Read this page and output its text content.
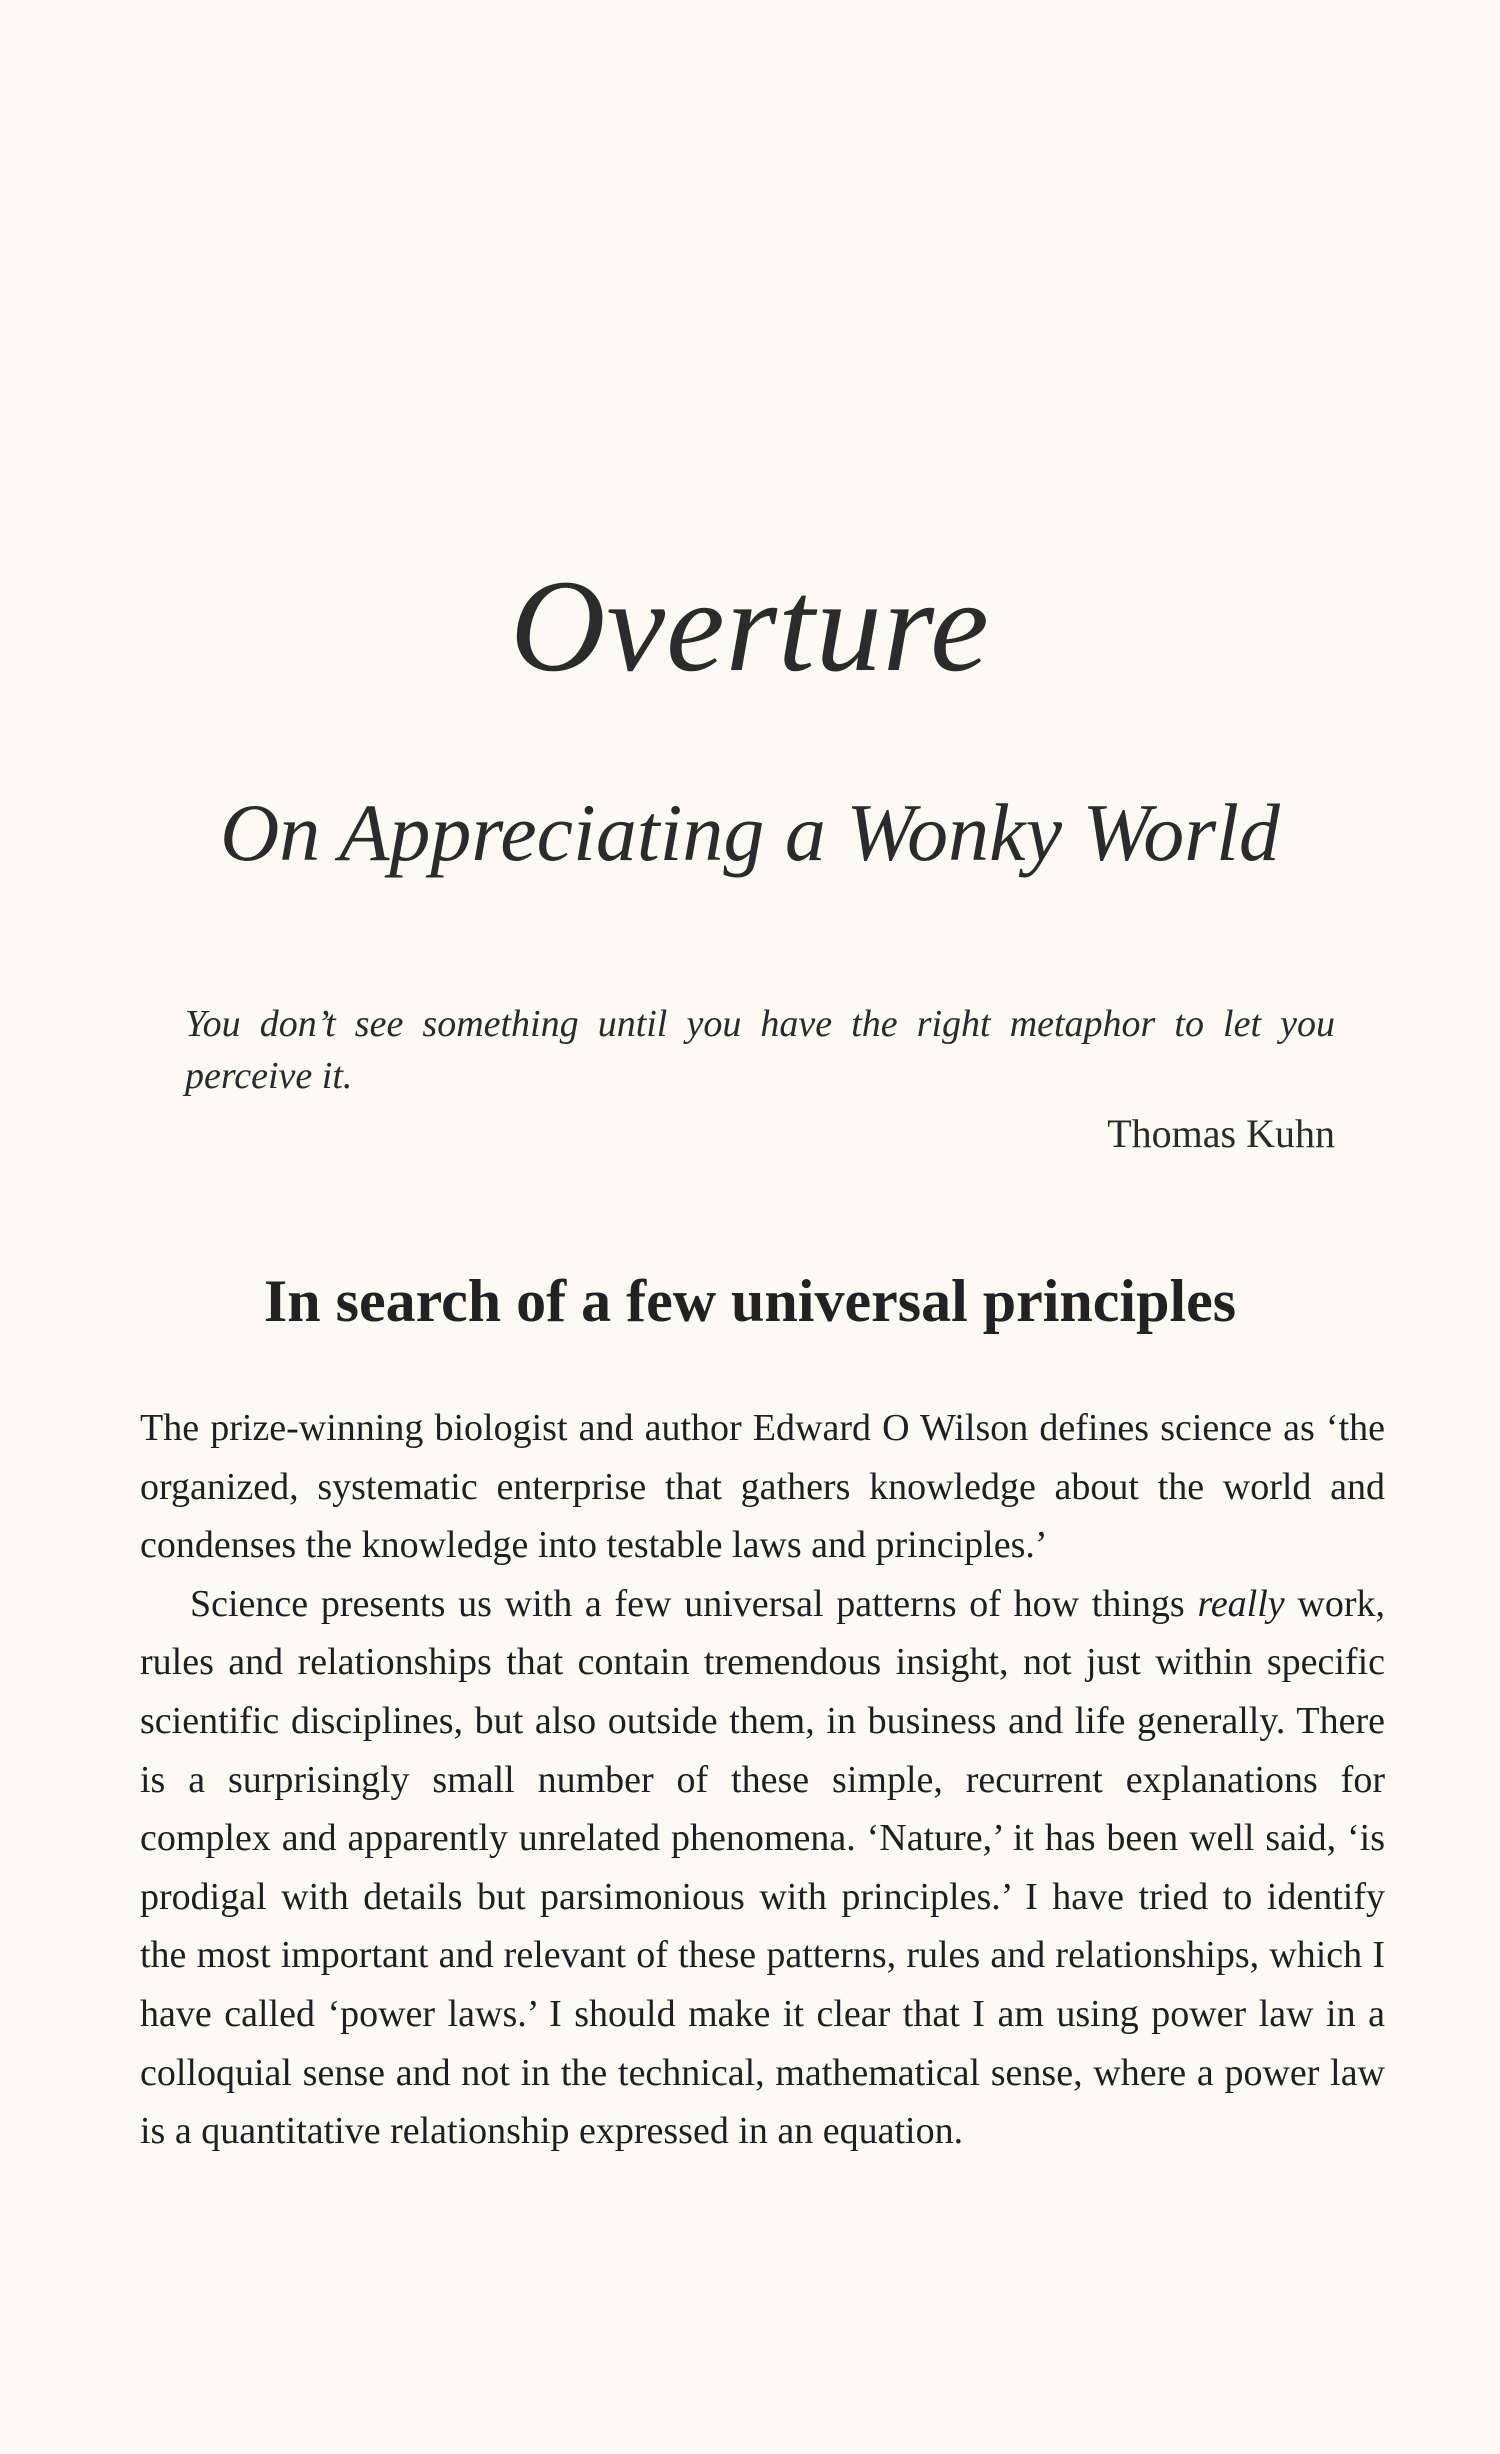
Overture
On Appreciating a Wonky World
You don’t see something until you have the right metaphor to let you perceive it.
Thomas Kuhn
In search of a few universal principles

The prize-winning biologist and author Edward O Wilson defines science as ‘the organized, systematic enterprise that gathers knowledge about the world and condenses the knowledge into testable laws and principles.’

Science presents us with a few universal patterns of how things really work, rules and relationships that contain tremendous insight, not just within specific scientific disciplines, but also outside them, in business and life generally. There is a surprisingly small number of these simple, recurrent explanations for complex and apparently unrelated phenomena. ‘Nature,’ it has been well said, ‘is prodigal with details but parsimonious with principles.’ I have tried to identify the most important and relevant of these patterns, rules and relationships, which I have called ‘power laws.’ I should make it clear that I am using power law in a colloquial sense and not in the technical, mathematical sense, where a power law is a quantitative relationship expressed in an equation.
